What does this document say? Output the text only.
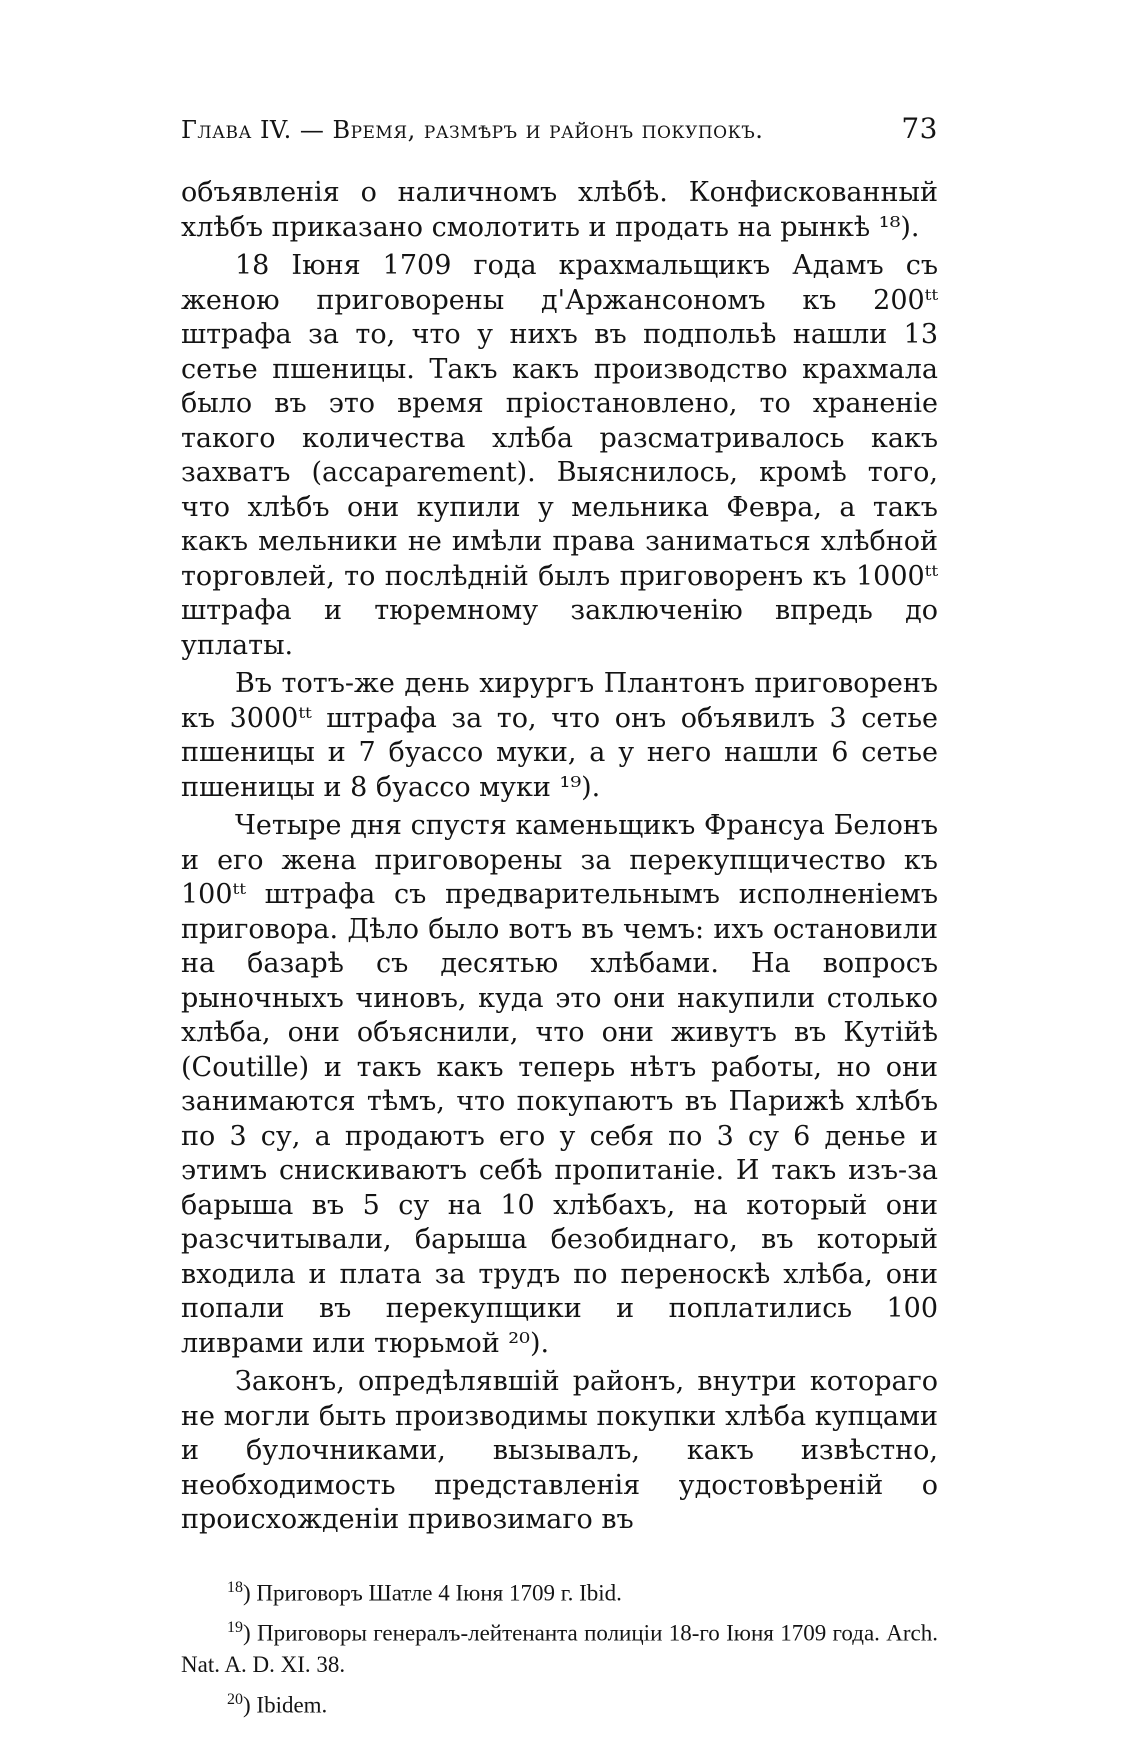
Глава IV. — Время, размѣръ и районъ покупокъ.	73

объявленія о наличномъ хлѣбѣ. Конфискованный хлѣбъ приказано смолотить и продать на рынкѣ ¹⁸).

18 Іюня 1709 года крахмальщикъ Адамъ съ женою приговорены д'Аржансономъ къ 200ᵗᵗ штрафа за то, что у нихъ въ подпольѣ нашли 13 сетье пшеницы. Такъ какъ производство крахмала было въ это время пріостановлено, то храненіе такого количества хлѣба разсматривалось какъ захватъ (accaparement). Выяснилось, кромѣ того, что хлѣбъ они купили у мельника Февра, а такъ какъ мельники не имѣли права заниматься хлѣбной торговлей, то послѣдній былъ приговоренъ къ 1000ᵗᵗ штрафа и тюремному заключенію впредь до уплаты.

Въ тотъ-же день хирургъ Плантонъ приговоренъ къ 3000ᵗᵗ штрафа за то, что онъ объявилъ 3 сетье пшеницы и 7 буассо муки, а у него нашли 6 сетье пшеницы и 8 буассо муки ¹⁹).

Четыре дня спустя каменьщикъ Франсуа Белонъ и его жена приговорены за перекупщичество къ 100ᵗᵗ штрафа съ предварительнымъ исполненіемъ приговора. Дѣло было вотъ въ чемъ: ихъ остановили на базарѣ съ десятью хлѣбами. На вопросъ рыночныхъ чиновъ, куда это они накупили столько хлѣба, они объяснили, что они живутъ въ Кутійѣ (Coutille) и такъ какъ теперь нѣтъ работы, но они занимаются тѣмъ, что покупаютъ въ Парижѣ хлѣбъ по 3 су, а продаютъ его у себя по 3 су 6 денье и этимъ снискиваютъ себѣ пропитаніе. И такъ изъ-за барыша въ 5 су на 10 хлѣбахъ, на который они разсчитывали, барыша безобиднаго, въ который входила и плата за трудъ по переноскѣ хлѣба, они попали въ перекупщики и поплатились 100 ливрами или тюрьмой ²⁰).

Законъ, опредѣлявшій районъ, внутри котораго не могли быть производимы покупки хлѣба купцами и булочниками, вызывалъ, какъ извѣстно, необходимость представленія удостовѣреній о происхожденіи привозимаго въ

$^{18}$) Приговоръ Шатле 4 Іюня 1709 г. Ibid.

$^{19}$) Приговоры генералъ-лейтенанта полиціи 18-го Іюня 1709 года. Arch. Nat. A. D. XI. 38.

$^{20}$) Ibidem.
